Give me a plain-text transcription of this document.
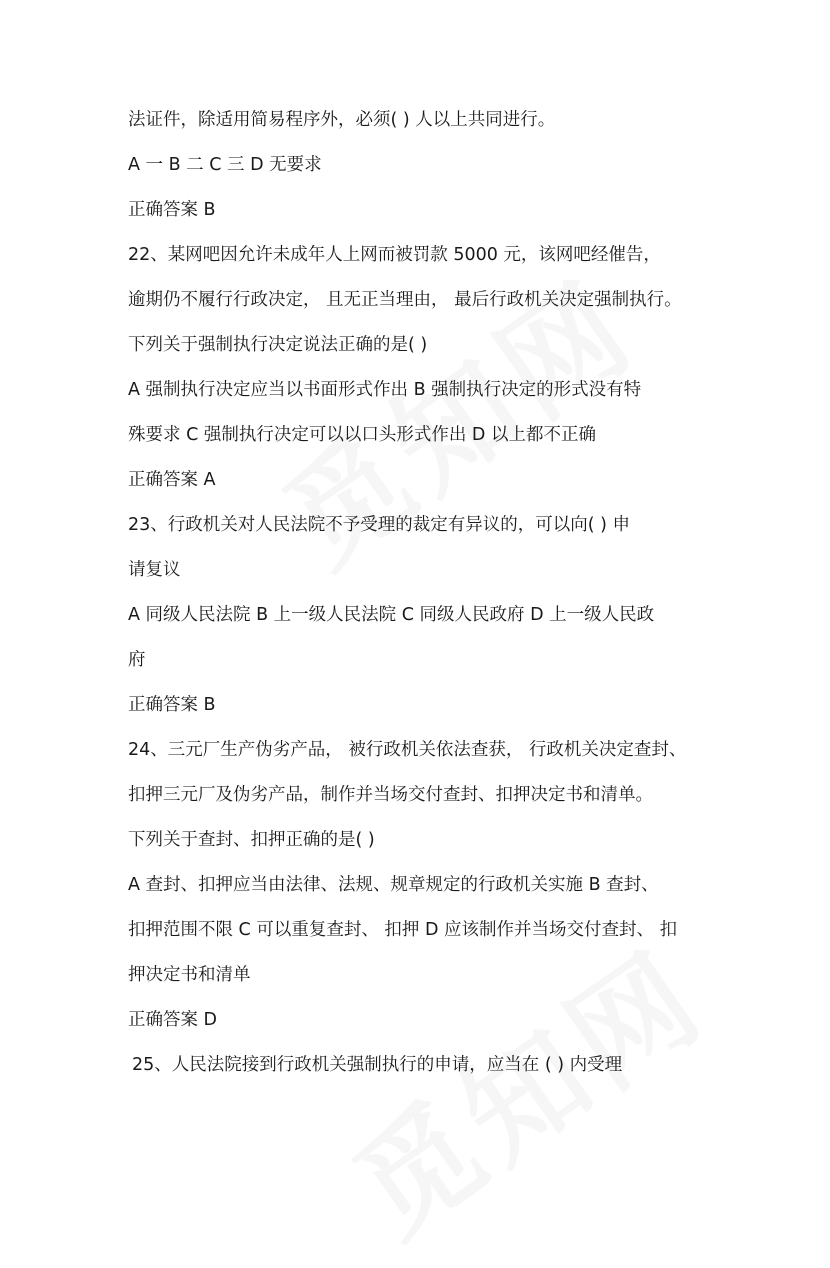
法证件，除适用简易程序外，必须( ) 人以上共同进行。
A 一 B 二 C 三 D 无要求
正确答案 B
22、某网吧因允许未成年人上网而被罚款 5000 元，该网吧经催告，
逾期仍不履行行政决定， 且无正当理由， 最后行政机关决定强制执行。
下列关于强制执行决定说法正确的是( )
A 强制执行决定应当以书面形式作出 B 强制执行决定的形式没有特
殊要求 C 强制执行决定可以以口头形式作出 D 以上都不正确
正确答案 A
23、行政机关对人民法院不予受理的裁定有异议的，可以向( ) 申
请复议
A 同级人民法院 B 上一级人民法院 C 同级人民政府 D 上一级人民政
府
正确答案 B
24、三元厂生产伪劣产品， 被行政机关依法查获， 行政机关决定查封、
扣押三元厂及伪劣产品，制作并当场交付查封、扣押决定书和清单。
下列关于查封、扣押正确的是( )
A 查封、扣押应当由法律、法规、规章规定的行政机关实施 B 查封、
扣押范围不限 C 可以重复查封、 扣押 D 应该制作并当场交付查封、 扣
押决定书和清单
正确答案 D
25、人民法院接到行政机关强制执行的申请，应当在 ( ) 内受理
